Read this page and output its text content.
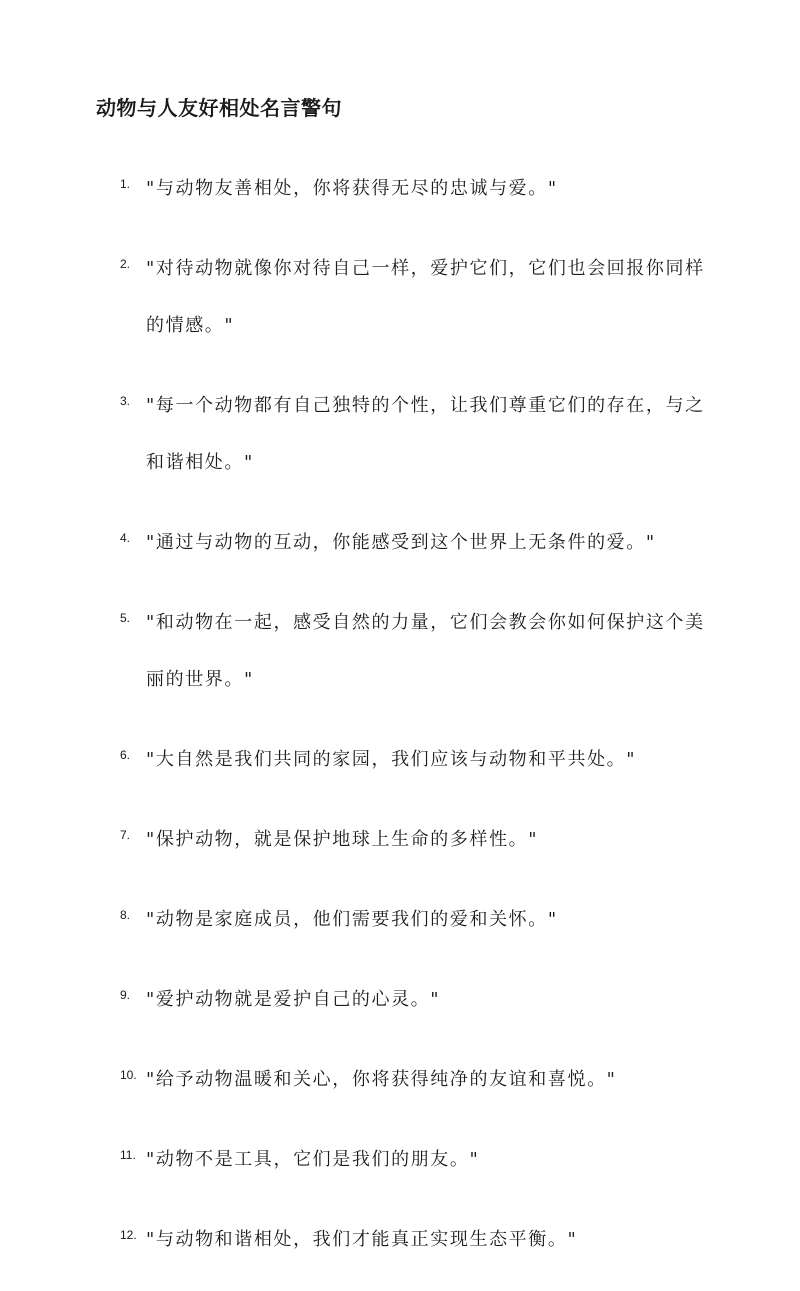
动物与人友好相处名言警句
1. "与动物友善相处，你将获得无尽的忠诚与爱。"
2. "对待动物就像你对待自己一样，爱护它们，它们也会回报你同样的情感。"
3. "每一个动物都有自己独特的个性，让我们尊重它们的存在，与之和谐相处。"
4. "通过与动物的互动，你能感受到这个世界上无条件的爱。"
5. "和动物在一起，感受自然的力量，它们会教会你如何保护这个美丽的世界。"
6. "大自然是我们共同的家园，我们应该与动物和平共处。"
7. "保护动物，就是保护地球上生命的多样性。"
8. "动物是家庭成员，他们需要我们的爱和关怀。"
9. "爱护动物就是爱护自己的心灵。"
10. "给予动物温暖和关心，你将获得纯净的友谊和喜悦。"
11. "动物不是工具，它们是我们的朋友。"
12. "与动物和谐相处，我们才能真正实现生态平衡。"
